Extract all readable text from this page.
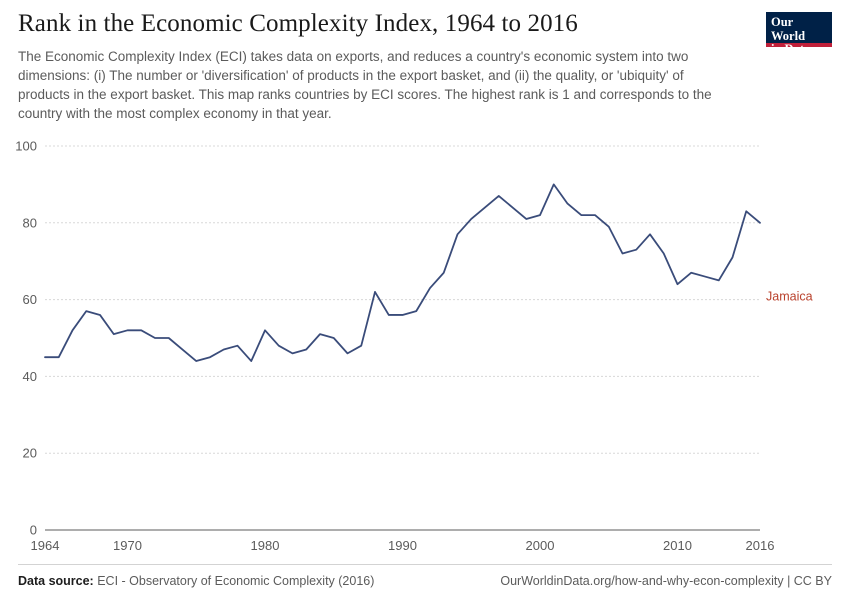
Rank in the Economic Complexity Index, 1964 to 2016

The Economic Complexity Index (ECI) takes data on exports, and reduces a country's economic system into two dimensions: (i) The number or 'diversification' of products in the export basket, and (ii) the quality, or 'ubiquity' of products in the export basket. This map ranks countries by ECI scores. The highest rank is 1 and corresponds to the country with the most complex economy in that year.

Our World
in Data
0
20
40
60
80
100
1964	1970	1980	1990	2000	2010	2016
Jamaica
Data source: ECI - Observatory of Economic Complexity (2016)	OurWorldinData.org/how-and-why-econ-complexity | CC BY
